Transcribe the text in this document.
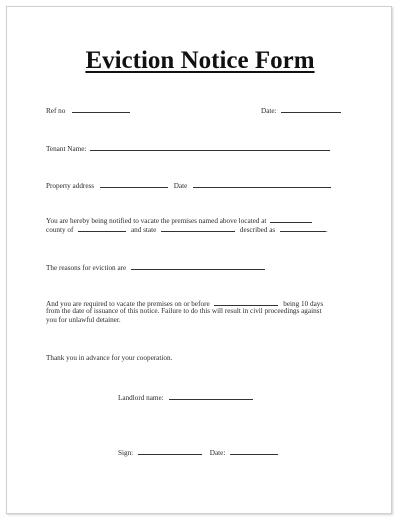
Eviction Notice Form
Ref no	Date:
Tenant Name:
Property address	Date
You are hereby being notified to vacate the premises named above located at
county of	and state	described as	.
The reasons for eviction are
And you are required to vacate the premises on or before	being 10 days
from the date of issuance of this notice. Failure to do this will result in civil proceedings against
you for unlawful detainer.
Thank you in advance for your cooperation.
Landlord name:
Sign:	Date:
